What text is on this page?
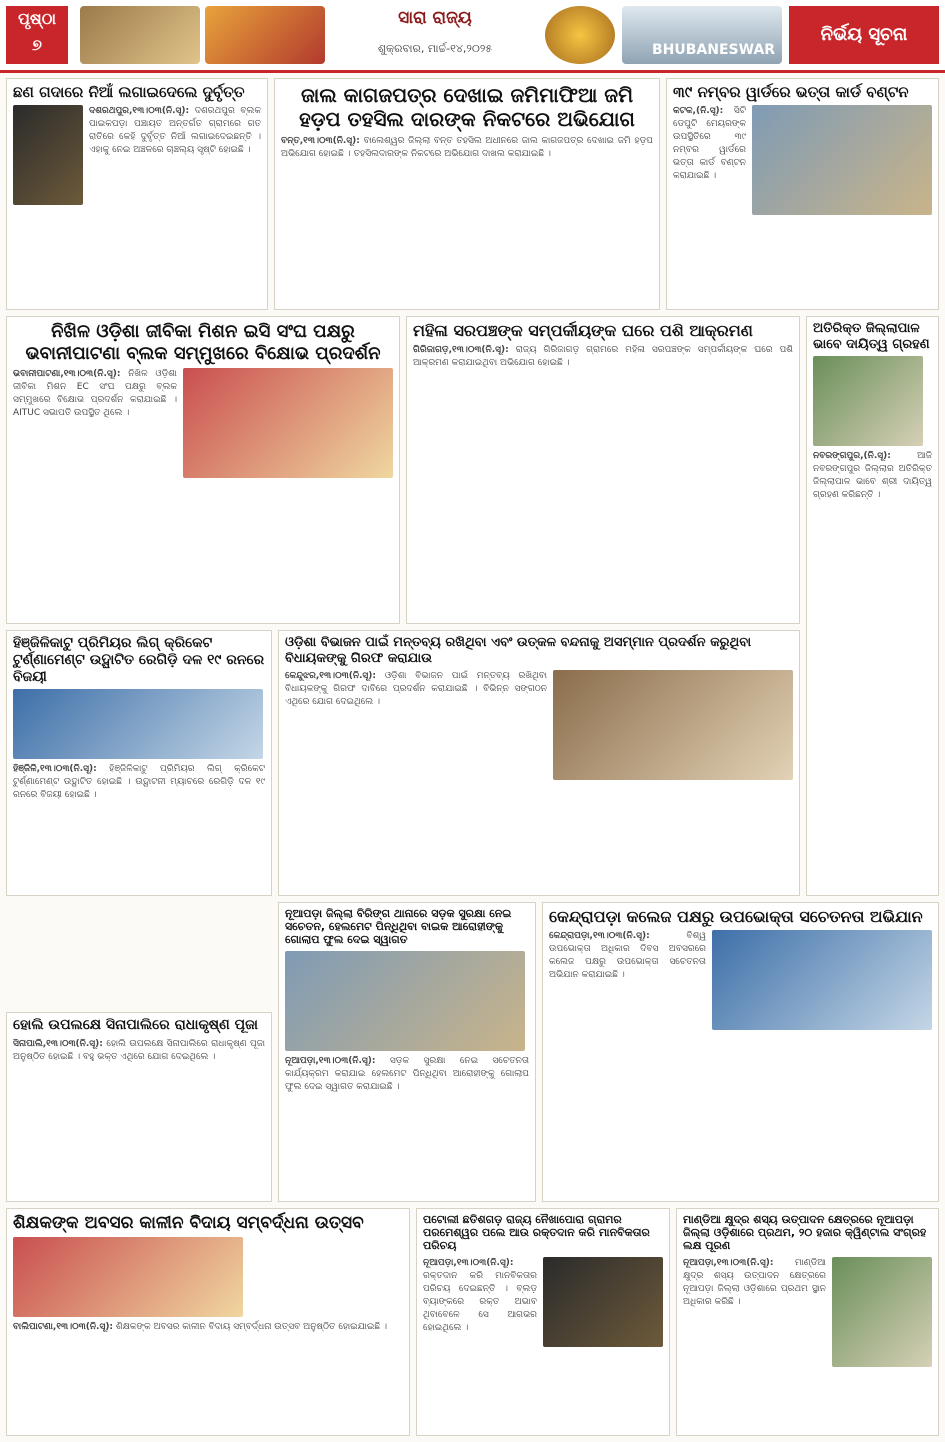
ପୃଷ୍ଠା
୭
ସାରା ରାଜ୍ୟ
ଶୁକ୍ରବାର, ମାର୍ଚ୍ଚ-୧୪,୨୦୨୫	BHUBANESWAR
ନିର୍ଭୟ ସୂଚନା
ଛଣ ଗଦାରେ ନିଆଁ ଲଗାଇଦେଲେ ଦୁର୍ବୃତ୍ତ
ଦଶରଥପୁର,୧୩।୦୩(ନି.ସୂ): ଦଶରଥପୁର ବ୍ଲକ ପାଇକପଡ଼ା ପଞ୍ଚାୟତ ଅନ୍ତର୍ଗତ ଗ୍ରାମରେ ଗତ ରାତିରେ କେହି ଦୁର୍ବୃତ୍ତ ନିଆଁ ଲଗାଇଦେଇଛନ୍ତି । ଏହାକୁ ନେଇ ଅଞ୍ଚଳରେ ଚାଞ୍ଚଲ୍ୟ ସୃଷ୍ଟି ହୋଇଛି ।
ଜାଲ କାଗଜପତ୍ର ଦେଖାଇ ଜମିମାଫିଆ ଜମି ହଡ଼ପ ତହସିଲ ଦାରଙ୍କ ନିକଟରେ ଅଭିଯୋଗ
ବନ୍ତ,୧୩।୦୩(ନି.ସୂ): ବାଲେଶ୍ୱର ଜିଲ୍ଲା ବନ୍ତ ତହସିଲ ଅଧୀନରେ ଜାଲ କାଗଜପତ୍ର ଦେଖାଇ ଜମି ହଡ଼ପ ଅଭିଯୋଗ ହୋଇଛି । ତହସିଲଦାରଙ୍କ ନିକଟରେ ଅଭିଯୋଗ ଦାଖଲ କରାଯାଇଛି ।
୩୯ ନମ୍ବର ୱାର୍ଡରେ ଭତ୍ତା କାର୍ଡ ବଣ୍ଟନ
କଟକ,(ନି.ସୂ): ସିଟି ଡେପୁଟି ମେୟରଙ୍କ ଉପସ୍ଥିତିରେ ୩୯ ନମ୍ବର ୱାର୍ଡରେ ଭତ୍ତା କାର୍ଡ ବଣ୍ଟନ କରାଯାଇଛି ।
ନିଖିଳ ଓଡ଼ିଶା ଜୀବିକା ମିଶନ ଇସି ସଂଘ ପକ୍ଷରୁ ଭବାନୀପାଟଣା ବ୍ଲକ ସମ୍ମୁଖରେ ବିକ୍ଷୋଭ ପ୍ରଦର୍ଶନ
ଭବାନୀପାଟଣା,୧୩।୦୩(ନି.ସୂ): ନିଖିଳ ଓଡ଼ିଶା ଜୀବିକା ମିଶନ EC ସଂଘ ପକ୍ଷରୁ ବ୍ଲକ ସମ୍ମୁଖରେ ବିକ୍ଷୋଭ ପ୍ରଦର୍ଶନ କରାଯାଇଛି । AITUC ସଭାପତି ଉପସ୍ଥିତ ଥିଲେ ।
ମହିଳା ସରପଞ୍ଚଙ୍କ ସମ୍ପର୍କୀୟଙ୍କ ଘରେ ପଶି ଆକ୍ରମଣ
ଗିରିଜାଗଡ଼,୧୩।୦୩(ନି.ସୂ): ରାଜ୍ୟ ଗିରିଜାଗଡ଼ ଗ୍ରାମରେ ମହିଳା ସରପଞ୍ଚଙ୍କ ସମ୍ପର୍କୀୟଙ୍କ ଘରେ ପଶି ଆକ୍ରମଣ କରାଯାଇଥିବା ଅଭିଯୋଗ ହୋଇଛି ।
ଅତିରିକ୍ତ ଜିଲ୍ଲାପାଳ ଭାବେ ଦାୟିତ୍ୱ ଗ୍ରହଣ
ନବରଙ୍ଗପୁର,(ନି.ସୂ):	ଆଜି ନବରଙ୍ଗପୁର ଜିଲ୍ଲାର ଅତିରିକ୍ତ ଜିଲ୍ଲାପାଳ ଭାବେ ଶ୍ରୀ ଦାୟିତ୍ୱ ଗ୍ରହଣ କରିଛନ୍ତି ।
ହିଞ୍ଜିଳିକାଟୁ ପ୍ରିମିୟର ଲିଗ୍ କ୍ରିକେଟ ଟୁର୍ଣ୍ଣାମେଣ୍ଟ ଉଦ୍ଘାଟିତ ରେଗିଡ଼ି ଦଳ ୧୯ ରନରେ ବିଜୟୀ
ହିଞ୍ଜିଳି,୧୩।୦୩(ନି.ସୂ): ହିଞ୍ଜିଳିକାଟୁ ପ୍ରିମିୟର ଲିଗ୍ କ୍ରିକେଟ ଟୁର୍ଣ୍ଣାମେଣ୍ଟ ଉଦ୍ଘାଟିତ ହୋଇଛି । ଉଦ୍ଘାଟନୀ ମ୍ୟାଚରେ ରେଗିଡ଼ି ଦଳ ୧୯ ରନରେ ବିଜୟୀ ହୋଇଛି ।
ଓଡ଼ିଶା ବିଭାଜନ ପାଇଁ ମନ୍ତବ୍ୟ ରଖିଥିବା ଏବଂ ଉତ୍କଳ ବନ୍ଦନାକୁ ଅସମ୍ମାନ ପ୍ରଦର୍ଶନ କରୁଥିବା ବିଧାୟକଙ୍କୁ ଗିରଫ କରାଯାଉ
କେନ୍ଦୁଝର,୧୩।୦୩(ନି.ସୂ): ଓଡ଼ିଶା ବିଭାଜନ ପାଇଁ ମନ୍ତବ୍ୟ ରଖିଥିବା ବିଧାୟକଙ୍କୁ ଗିରଫ ଦାବିରେ ପ୍ରଦର୍ଶନ କରାଯାଇଛି । ବିଭିନ୍ନ ସଙ୍ଗଠନ ଏଥିରେ ଯୋଗ ଦେଇଥିଲେ ।
ନୂଆପଡ଼ା ଜିଲ୍ଲା ବିରିଙ୍ଗ ଥାନାରେ ସଡ଼କ ସୁରକ୍ଷା ନେଇ ସଚେତନ, ହେଲମେଟ ପିନ୍ଧିଥିବା ବାଇକ ଆରୋହୀଙ୍କୁ ଗୋଲାପ ଫୁଲ ଦେଇ ସ୍ୱାଗତ
ନୂଆପଡ଼ା,୧୩।୦୩(ନି.ସୂ): ସଡ଼କ ସୁରକ୍ଷା ନେଇ ସଚେତନତା କାର୍ଯ୍ୟକ୍ରମ କରାଯାଇ ହେଲମେଟ ପିନ୍ଧିଥିବା ଆରୋହୀଙ୍କୁ ଗୋଲାପ ଫୁଲ ଦେଇ ସ୍ୱାଗତ କରାଯାଇଛି ।
କେନ୍ଦ୍ରାପଡ଼ା କଲେଜ ପକ୍ଷରୁ ଉପଭୋକ୍ତା ସଚେତନତା ଅଭିଯାନ
କେନ୍ଦ୍ରାପଡ଼ା,୧୩।୦୩(ନି.ସୂ):	ବିଶ୍ୱ ଉପଭୋକ୍ତା ଅଧିକାର ଦିବସ ଅବସରରେ କଲେଜ ପକ୍ଷରୁ ଉପଭୋକ୍ତା ସଚେତନତା ଅଭିଯାନ କରାଯାଇଛି ।
ହୋଲି ଉପଲକ୍ଷେ ସିନାପାଲିରେ ରାଧାକୃଷ୍ଣ ପୂଜା
ସିନାପାଲି,୧୩।୦୩(ନି.ସୂ): ହୋଲି ଉପଲକ୍ଷେ ସିନାପାଲିରେ ରାଧାକୃଷ୍ଣ ପୂଜା ଅନୁଷ୍ଠିତ ହୋଇଛି । ବହୁ ଭକ୍ତ ଏଥିରେ ଯୋଗ ଦେଇଥିଲେ ।
ଶିକ୍ଷକଙ୍କ ଅବସର କାଳୀନ ବିଦାୟ ସମ୍ବର୍ଦ୍ଧନା ଉତ୍ସବ
ବାଲିପାଟଣା,୧୩।୦୩(ନି.ସୂ): ଶିକ୍ଷକଙ୍କ ଅବସର କାଳୀନ ବିଦାୟ ସମ୍ବର୍ଦ୍ଧନା ଉତ୍ସବ ଅନୁଷ୍ଠିତ ହୋଇଯାଇଛି ।
ପଟୋଲୀ ଛତିଶଗଡ଼ ରାଜ୍ୟ ନୈଖାପୋରା ଗ୍ରାମର ପରମେଶ୍ୱର ପଲେ ଆଉ ରକ୍ତଦାନ କରି ମାନବିକତାର ପରିଚୟ
ନୂଆପଡ଼ା,୧୩।୦୩(ନି.ସୂ): ରକ୍ତଦାନ କରି ମାନବିକତାର ପରିଚୟ ଦେଇଛନ୍ତି । ବ୍ଲଡ଼ ବ୍ୟାଙ୍କରେ ରକ୍ତ ଅଭାବ ଥିବାବେଳେ ସେ ଆଗଭର ହୋଇଥିଲେ ।
ମାଣ୍ଡିଆ କ୍ଷୁଦ୍ର ଶସ୍ୟ ଉତ୍ପାଦନ କ୍ଷେତ୍ରରେ ନୂଆପଡ଼ା ଜିଲ୍ଲା ଓଡ଼ିଶାରେ ପ୍ରଥମ, ୨୦ ହଜାର କ୍ୱିଣ୍ଟାଲ ସଂଗ୍ରହ ଲକ୍ଷ ପୂରଣ
ନୂଆପଡ଼ା,୧୩।୦୩(ନି.ସୂ): ମାଣ୍ଡିଆ କ୍ଷୁଦ୍ର ଶସ୍ୟ ଉତ୍ପାଦନ କ୍ଷେତ୍ରରେ ନୂଆପଡ଼ା ଜିଲ୍ଲା ଓଡ଼ିଶାରେ ପ୍ରଥମ ସ୍ଥାନ ଅଧିକାର କରିଛି ।
